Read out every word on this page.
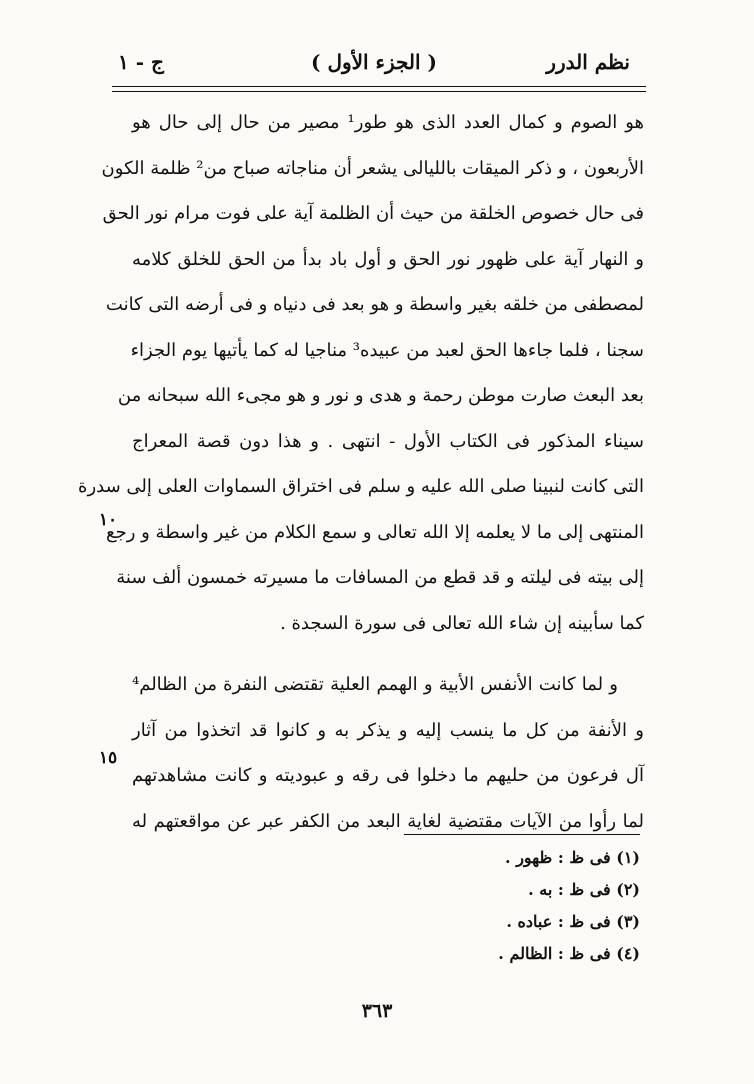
نظم الدرر
( الجزء الأول )
ج - ١
هو الصوم و كمال العدد الذى هو طور¹ مصير من حال إلى حال هو
الأربعون ، و ذكر الميقات بالليالى يشعر أن مناجاته صباح من² ظلمة الكون
فى حال خصوص الخلقة من حيث أن الظلمة آية على فوت مرام نور الحق
و النهار آية على ظهور نور الحق و أول باد بدأ من الحق للخلق كلامه
لمصطفى من خلقه بغير واسطة و هو بعد فى دنياه و فى أرضه التى كانت
سجنا ، فلما جاءها الحق لعبد من عبيده³ مناجيا له كما يأتيها يوم الجزاء
بعد البعث صارت موطن رحمة و هدى و نور و هو مجىء الله سبحانه من
سيناء المذكور فى الكتاب الأول - انتهى . و هذا دون قصة المعراج
التى كانت لنبينا صلى الله عليه و سلم فى اختراق السماوات العلى إلى سدرة
المنتهى إلى ما لا يعلمه إلا الله تعالى و سمع الكلام من غير واسطة و رجع
إلى بيته فى ليلته و قد قطع من المسافات ما مسيرته خمسون ألف سنة
كما سأبينه إن شاء الله تعالى فى سورة السجدة .
و لما كانت الأنفس الأبية و الهمم العلية تقتضى النفرة من الظالم⁴
و الأنفة من كل ما ينسب إليه و يذكر به و كانوا قد اتخذوا من آثار
آل فرعون من حليهم ما دخلوا فى رقه و عبوديته و كانت مشاهدتهم
لما رأوا من الآيات مقتضية لغاية البعد من الكفر عبر عن مواقعتهم له
١٠
١٥
(١) فى ظ : ظهور .
(٢) فى ظ : به .
(٣) فى ظ : عباده .
(٤) فى ظ : الظالم .
٣٦٣
